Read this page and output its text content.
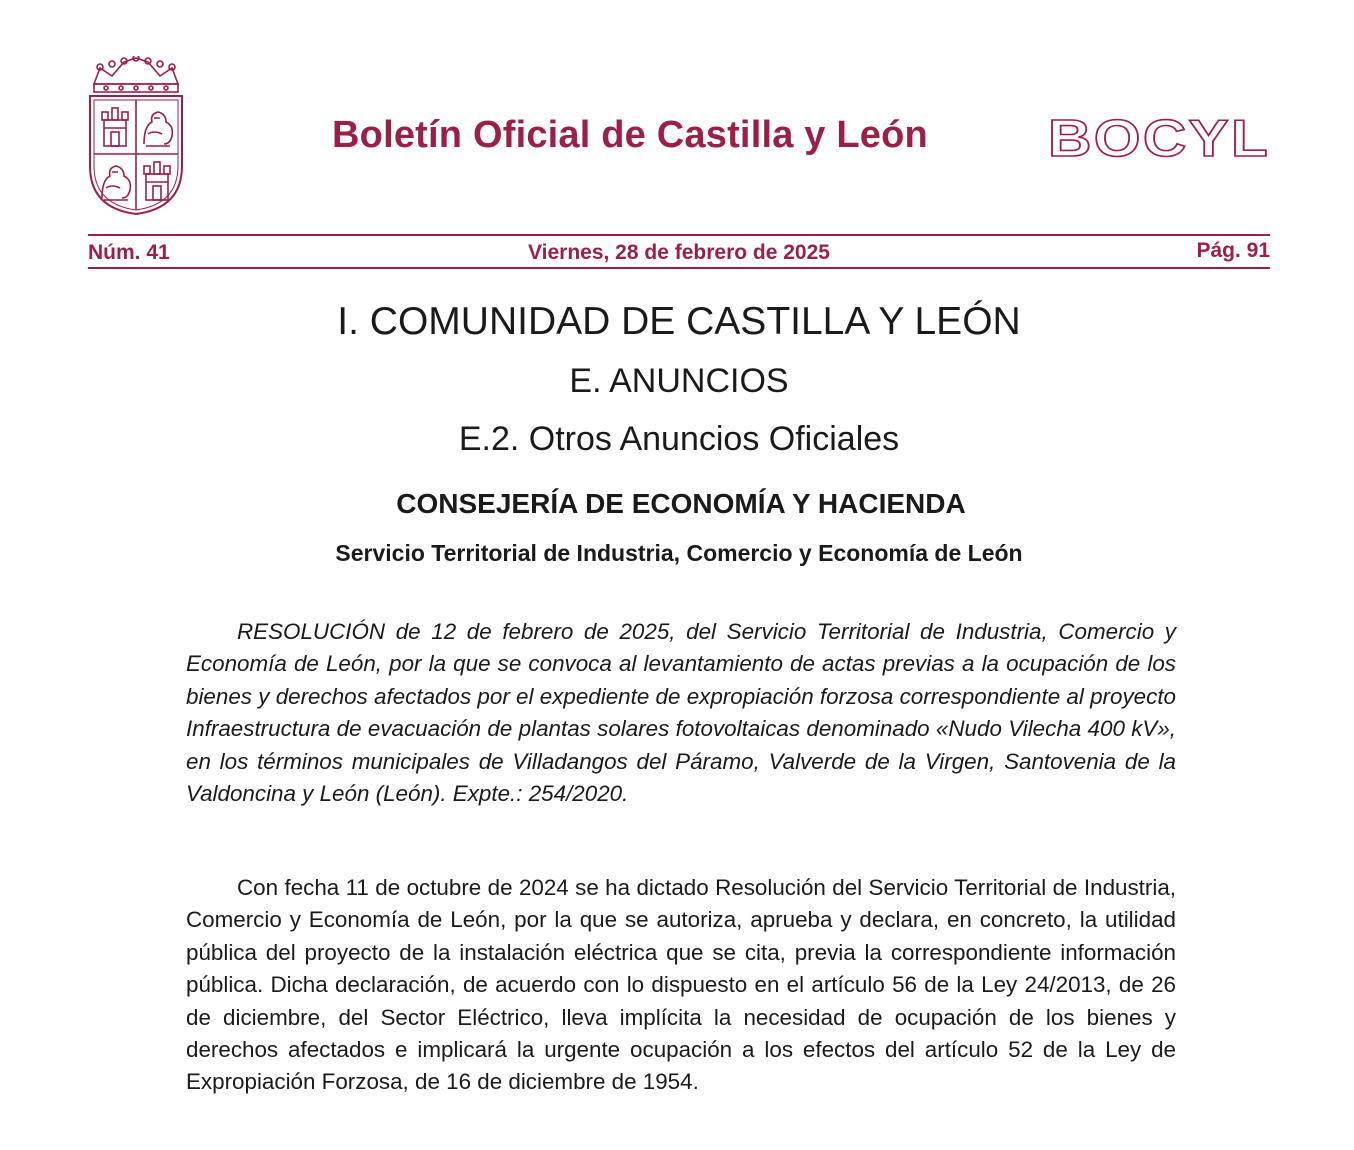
Boletín Oficial de Castilla y León	BOCYL
Núm. 41	Viernes, 28 de febrero de 2025	Pág. 91
I. COMUNIDAD DE CASTILLA Y LEÓN
E. ANUNCIOS
E.2. Otros Anuncios Oficiales
CONSEJERÍA DE ECONOMÍA Y HACIENDA
Servicio Territorial de Industria, Comercio y Economía de León

RESOLUCIÓN de 12 de febrero de 2025, del Servicio Territorial de Industria, Comercio y Economía de León, por la que se convoca al levantamiento de actas previas a la ocupación de los bienes y derechos afectados por el expediente de expropiación forzosa correspondiente al proyecto Infraestructura de evacuación de plantas solares fotovoltaicas denominado «Nudo Vilecha 400 kV», en los términos municipales de Villadangos del Páramo, Valverde de la Virgen, Santovenia de la Valdoncina y León (León). Expte.: 254/2020.

Con fecha 11 de octubre de 2024 se ha dictado Resolución del Servicio Territorial de Industria, Comercio y Economía de León, por la que se autoriza, aprueba y declara, en concreto, la utilidad pública del proyecto de la instalación eléctrica que se cita, previa la correspondiente información pública. Dicha declaración, de acuerdo con lo dispuesto en el artículo 56 de la Ley 24/2013, de 26 de diciembre, del Sector Eléctrico, lleva implícita la necesidad de ocupación de los bienes y derechos afectados e implicará la urgente ocupación a los efectos del artículo 52 de la Ley de Expropiación Forzosa, de 16 de diciembre de 1954.
